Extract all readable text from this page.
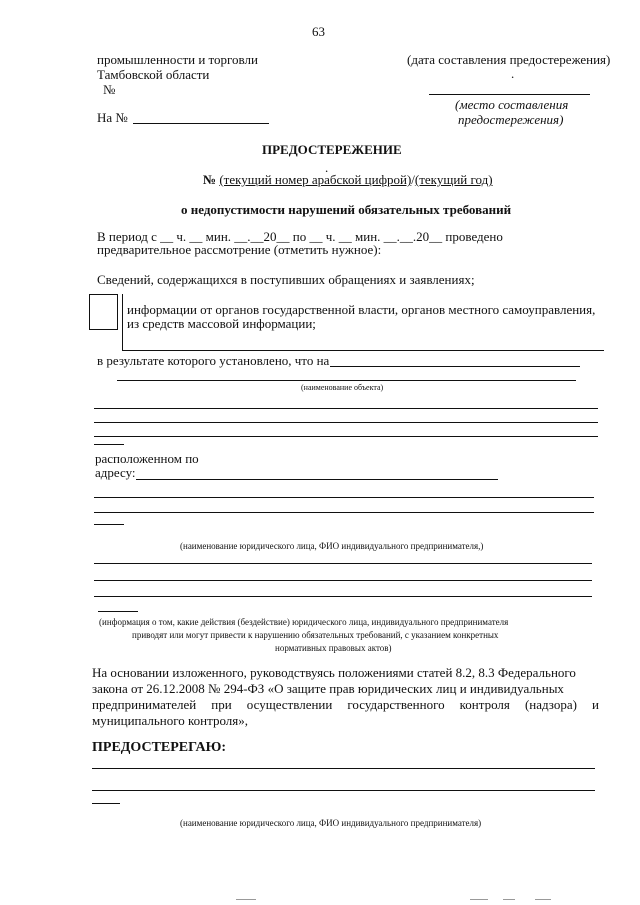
63
промышленности и торговли
Тамбовской области
№
На №
(дата составления предостережения)
.
(место составления
предостережения)
ПРЕДОСТЕРЕЖЕНИЕ
.
№ (текущий номер арабской цифрой)/(текущий год)
о недопустимости нарушений обязательных требований
В период с __ ч. __ мин. __.__20__ по __ ч. __ мин. __.__.20__ проведено
предварительное рассмотрение (отметить нужное):
Сведений, содержащихся в поступивших обращениях и заявлениях;
информации от органов государственной власти, органов местного самоуправления,
из средств массовой информации;
в результате которого установлено, что на
(наименование объекта)
расположенном по
адресу:
(наименование юридического лица, ФИО индивидуального предпринимателя,)
(информация о том, какие действия (бездействие) юридического лица, индивидуального предпринимателя
приводят или могут привести к нарушению обязательных требований, с указанием конкретных
нормативных правовых актов)
На основании изложенного, руководствуясь положениями статей 8.2, 8.3 Федерального
закона от 26.12.2008 № 294-ФЗ «О защите прав юридических лиц и индивидуальных
предпринимателей при осуществлении государственного контроля (надзора) и
муниципального контроля»,
ПРЕДОСТЕРЕГАЮ:
(наименование юридического лица, ФИО индивидуального предпринимателя)
